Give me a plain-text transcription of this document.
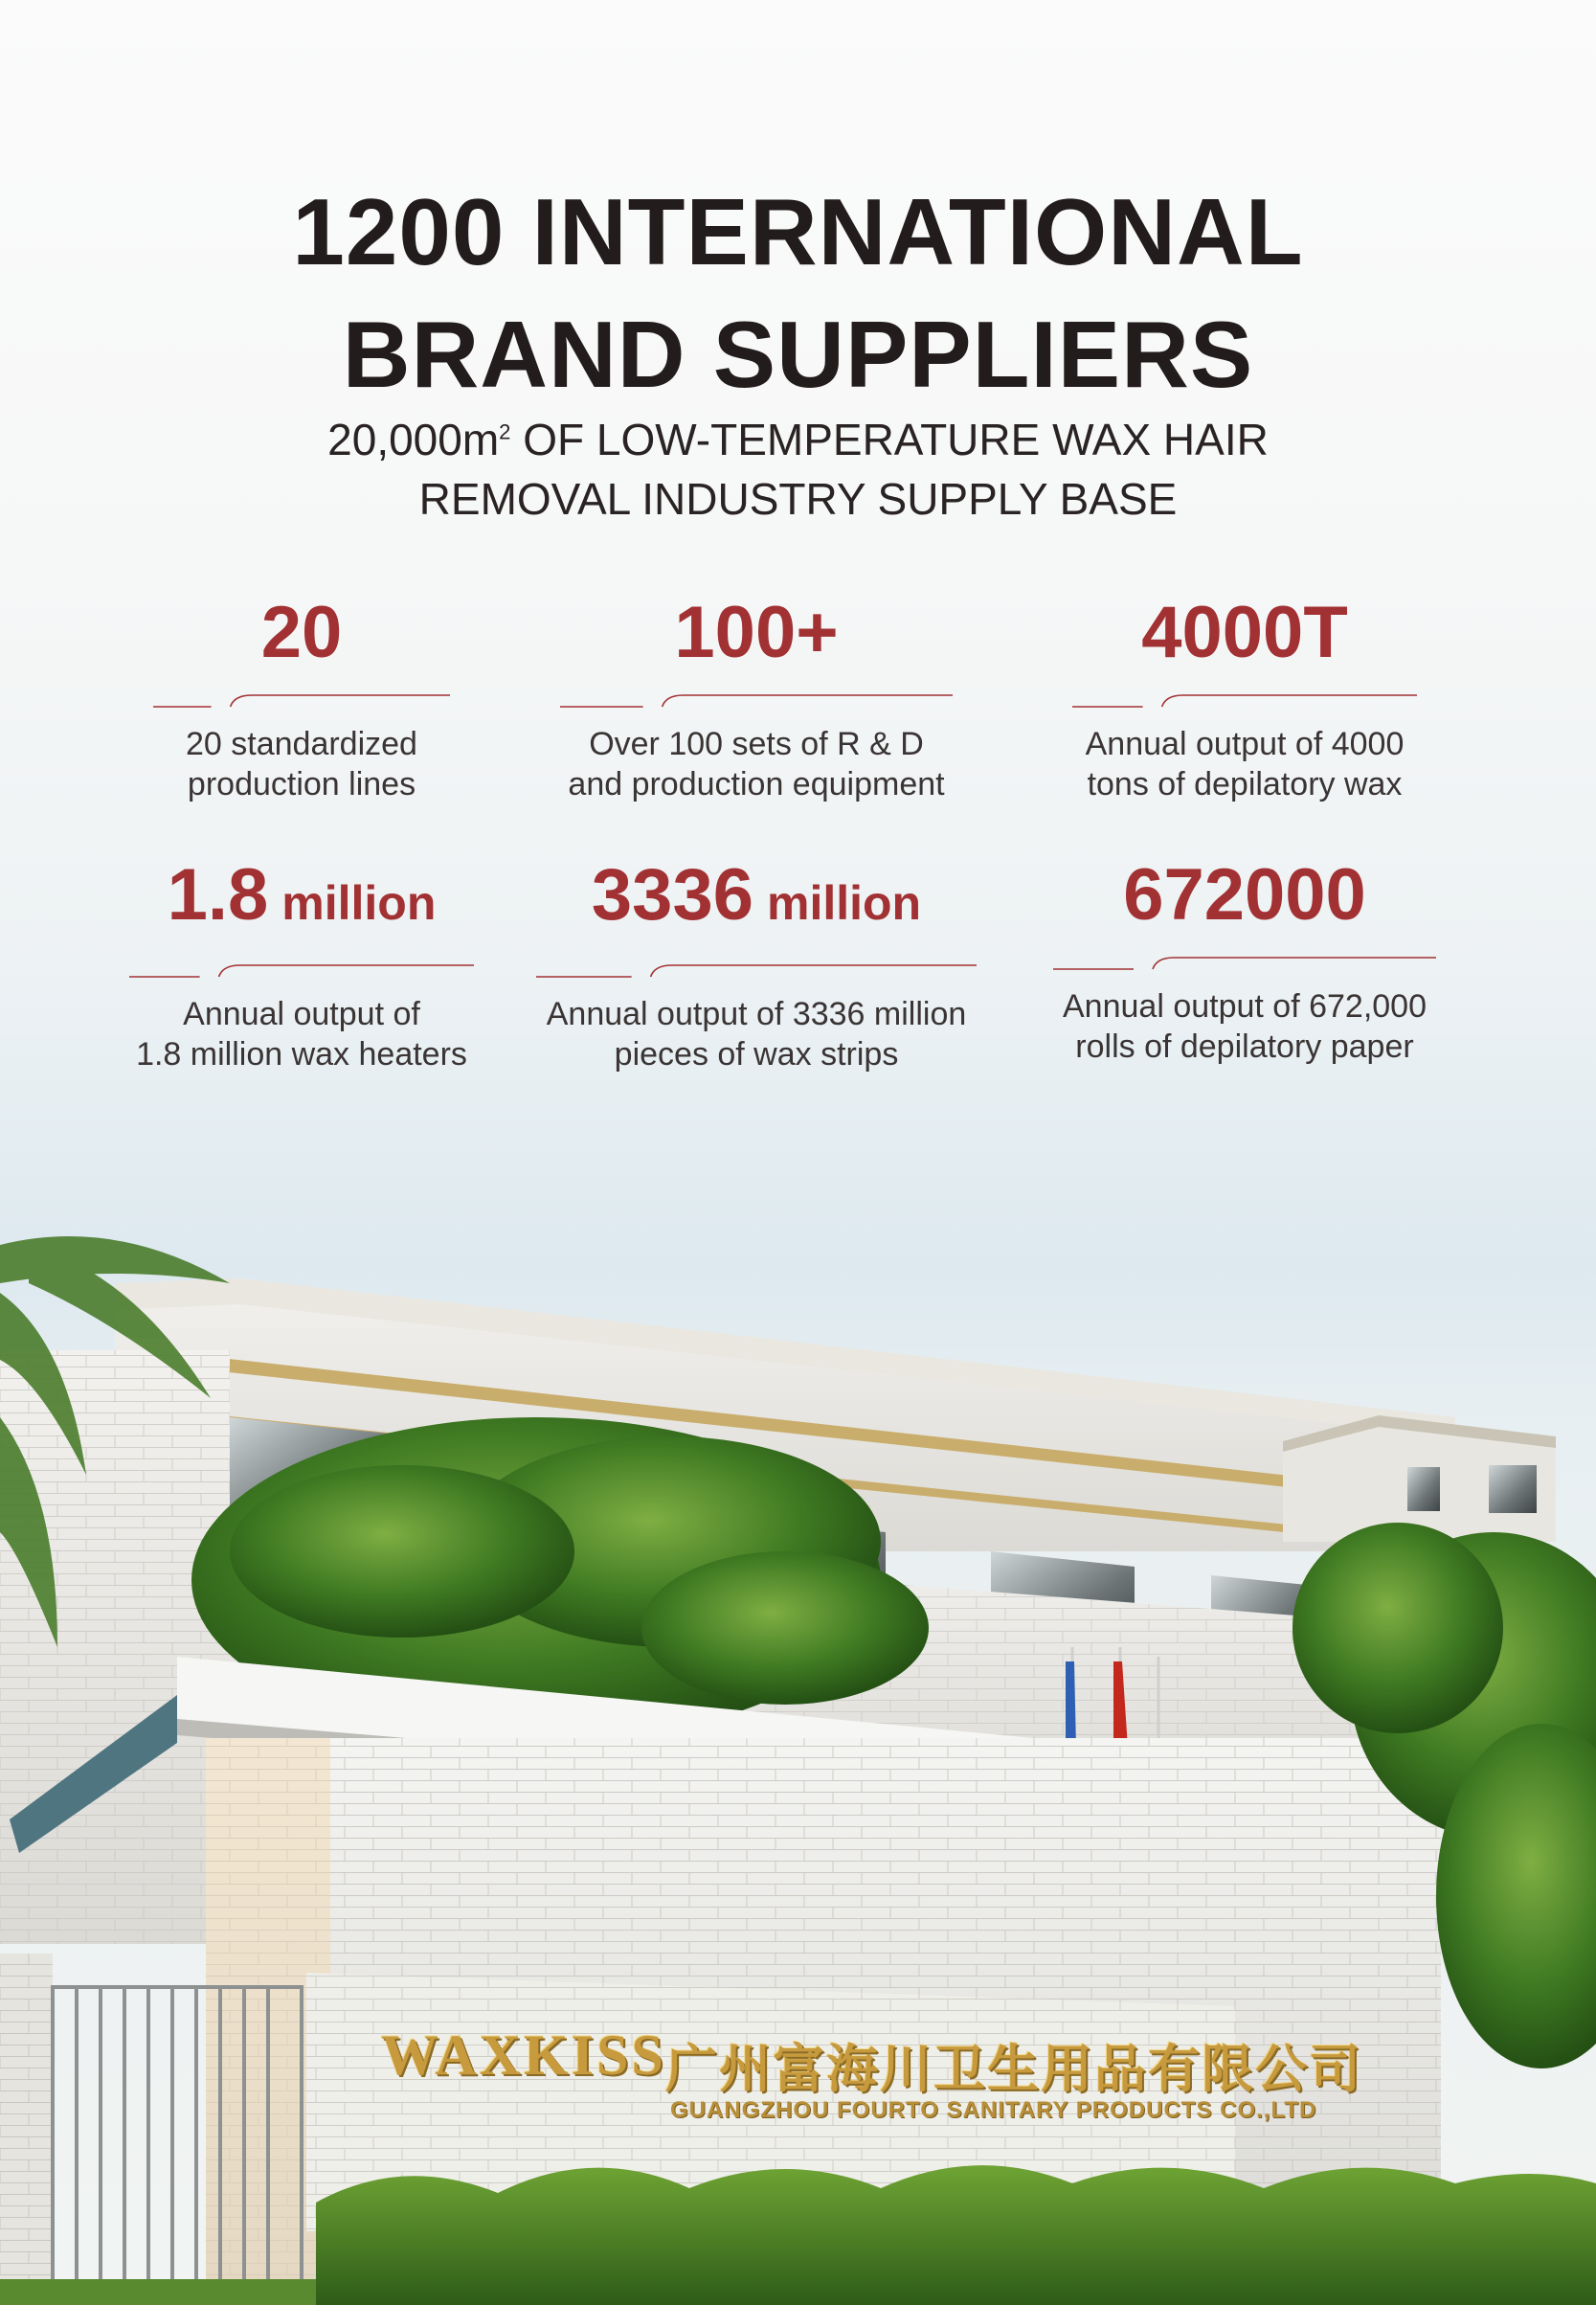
1200 INTERNATIONAL
BRAND SUPPLIERS
$20,000m^2$ OF LOW-TEMPERATURE WAX HAIR
REMOVAL INDUSTRY SUPPLY BASE
20
20 standardized
production lines
100+
Over 100 sets of R & D
and production equipment
4000T
Annual output of 4000
tons of depilatory wax
1.8 million
Annual output of
1.8 million wax heaters
3336 million
Annual output of 3336 million
pieces of wax strips
672000
Annual output of 672,000
rolls of depilatory paper
WAXKISS 广州富海川卫生用品有限公司
GUANGZHOU FOURTO SANITARY PRODUCTS CO.,LTD
